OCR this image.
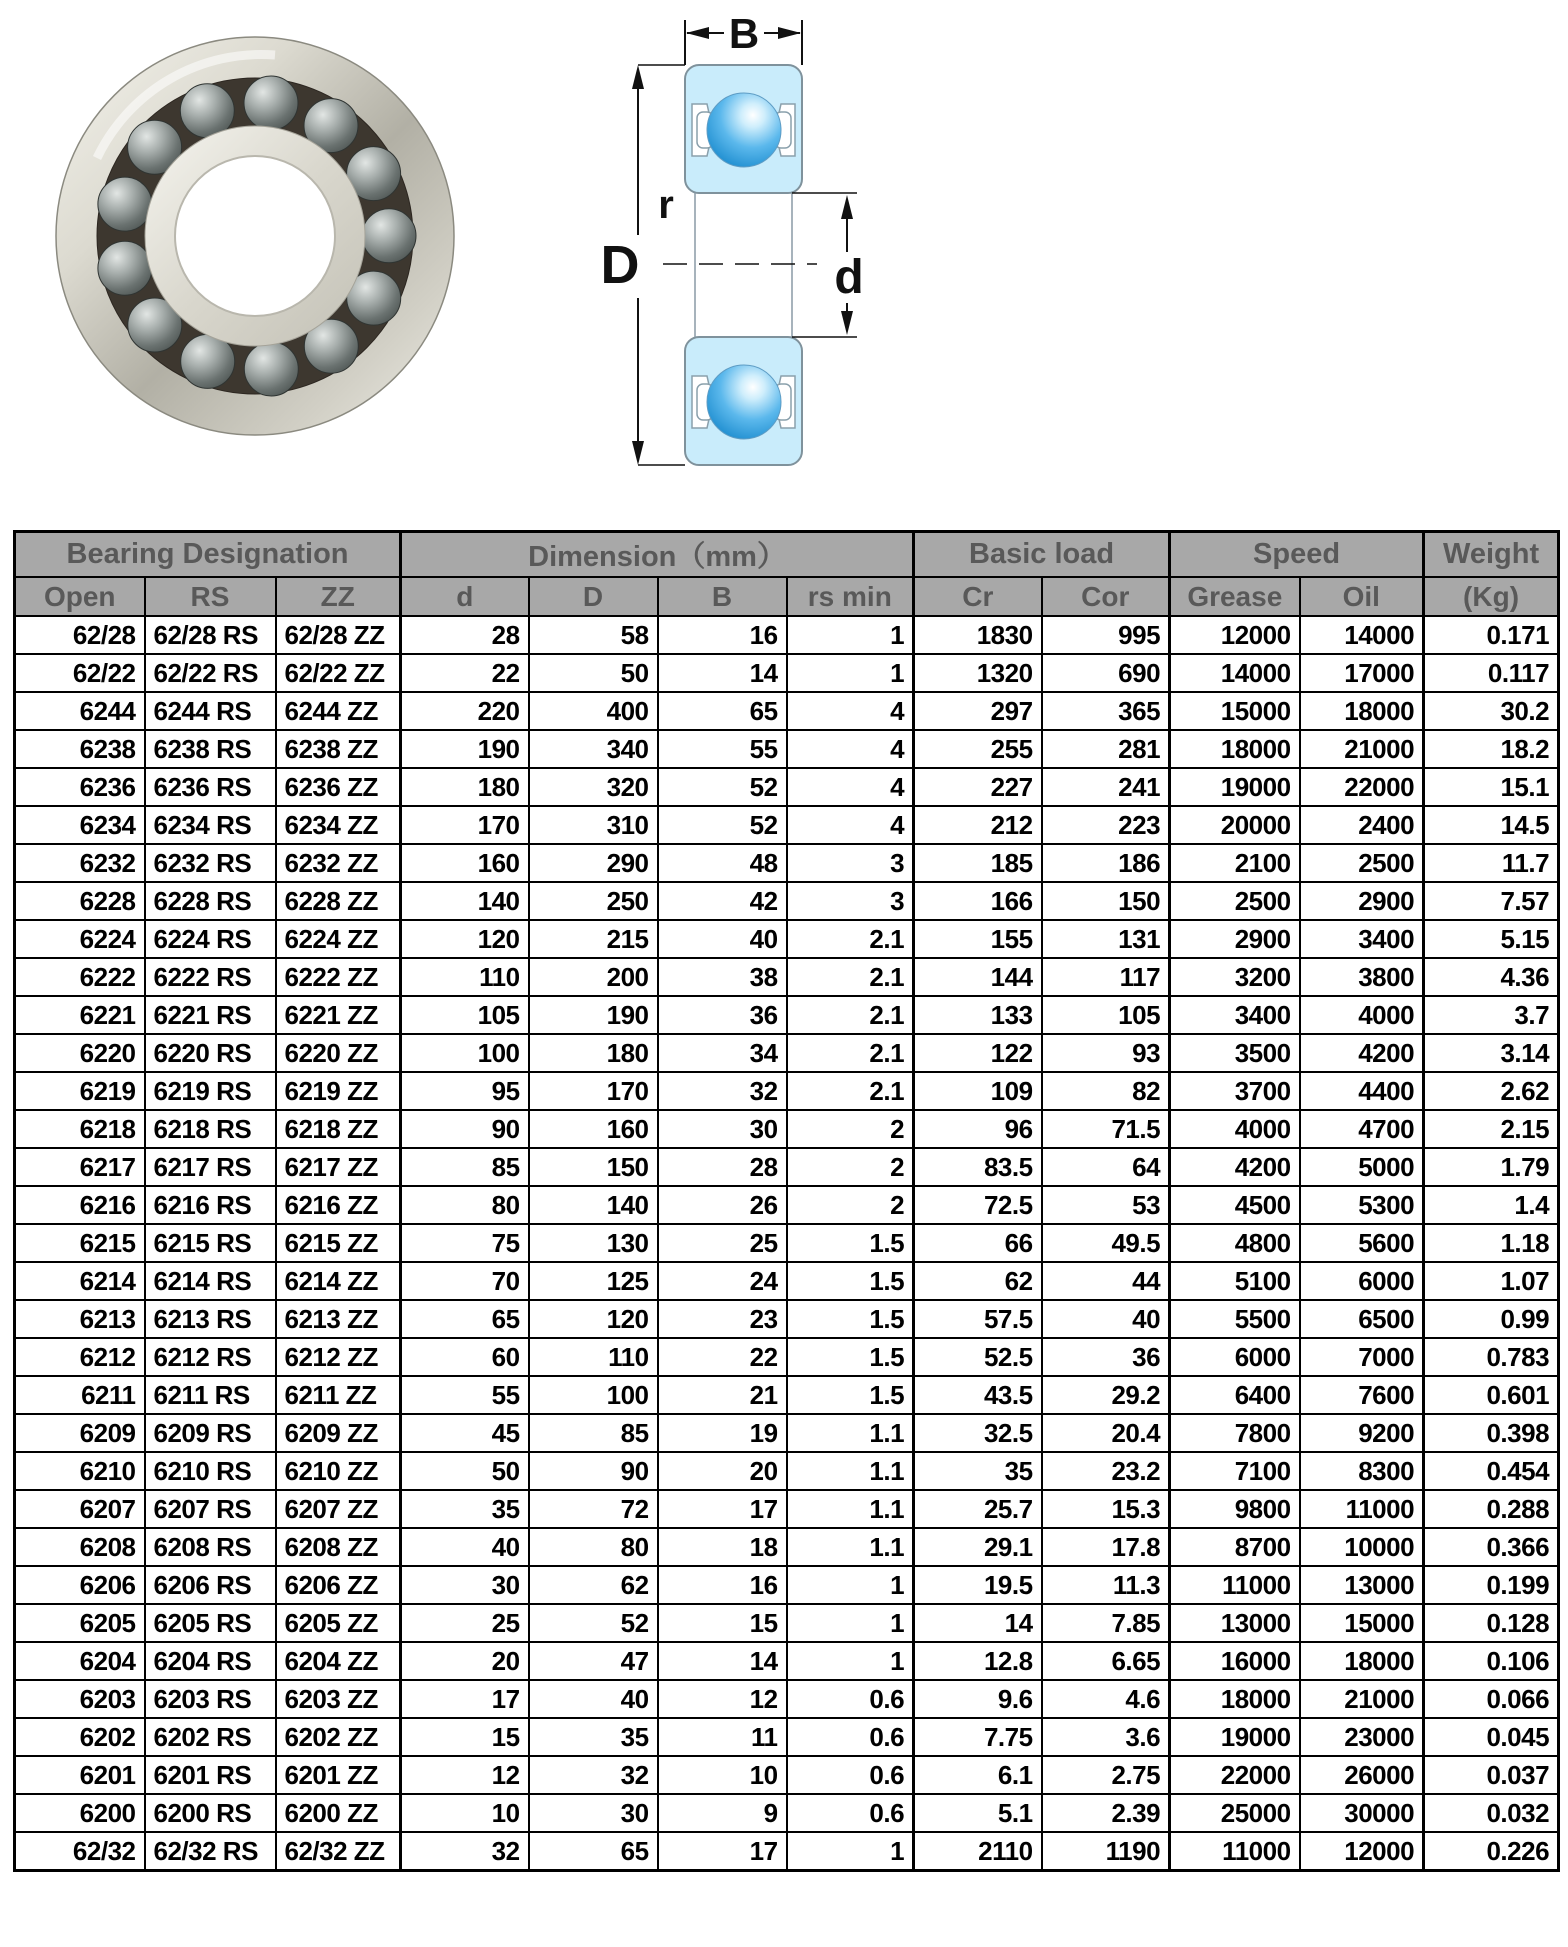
B
D
r
d
Bearing Designation			Dimension（mm）				Basic load		Speed		Weight
Open	RS	ZZ	d	D	B	rs min	Cr	Cor	Grease	Oil	(Kg)
62/28	62/28 RS	62/28 ZZ	28	58	16	1	1830	995	12000	14000	0.171
62/22	62/22 RS	62/22 ZZ	22	50	14	1	1320	690	14000	17000	0.117
6244	6244 RS	6244 ZZ	220	400	65	4	297	365	15000	18000	30.2
6238	6238 RS	6238 ZZ	190	340	55	4	255	281	18000	21000	18.2
6236	6236 RS	6236 ZZ	180	320	52	4	227	241	19000	22000	15.1
6234	6234 RS	6234 ZZ	170	310	52	4	212	223	20000	2400	14.5
6232	6232 RS	6232 ZZ	160	290	48	3	185	186	2100	2500	11.7
6228	6228 RS	6228 ZZ	140	250	42	3	166	150	2500	2900	7.57
6224	6224 RS	6224 ZZ	120	215	40	2.1	155	131	2900	3400	5.15
6222	6222 RS	6222 ZZ	110	200	38	2.1	144	117	3200	3800	4.36
6221	6221 RS	6221 ZZ	105	190	36	2.1	133	105	3400	4000	3.7
6220	6220 RS	6220 ZZ	100	180	34	2.1	122	93	3500	4200	3.14
6219	6219 RS	6219 ZZ	95	170	32	2.1	109	82	3700	4400	2.62
6218	6218 RS	6218 ZZ	90	160	30	2	96	71.5	4000	4700	2.15
6217	6217 RS	6217 ZZ	85	150	28	2	83.5	64	4200	5000	1.79
6216	6216 RS	6216 ZZ	80	140	26	2	72.5	53	4500	5300	1.4
6215	6215 RS	6215 ZZ	75	130	25	1.5	66	49.5	4800	5600	1.18
6214	6214 RS	6214 ZZ	70	125	24	1.5	62	44	5100	6000	1.07
6213	6213 RS	6213 ZZ	65	120	23	1.5	57.5	40	5500	6500	0.99
6212	6212 RS	6212 ZZ	60	110	22	1.5	52.5	36	6000	7000	0.783
6211	6211 RS	6211 ZZ	55	100	21	1.5	43.5	29.2	6400	7600	0.601
6209	6209 RS	6209 ZZ	45	85	19	1.1	32.5	20.4	7800	9200	0.398
6210	6210 RS	6210 ZZ	50	90	20	1.1	35	23.2	7100	8300	0.454
6207	6207 RS	6207 ZZ	35	72	17	1.1	25.7	15.3	9800	11000	0.288
6208	6208 RS	6208 ZZ	40	80	18	1.1	29.1	17.8	8700	10000	0.366
6206	6206 RS	6206 ZZ	30	62	16	1	19.5	11.3	11000	13000	0.199
6205	6205 RS	6205 ZZ	25	52	15	1	14	7.85	13000	15000	0.128
6204	6204 RS	6204 ZZ	20	47	14	1	12.8	6.65	16000	18000	0.106
6203	6203 RS	6203 ZZ	17	40	12	0.6	9.6	4.6	18000	21000	0.066
6202	6202 RS	6202 ZZ	15	35	11	0.6	7.75	3.6	19000	23000	0.045
6201	6201 RS	6201 ZZ	12	32	10	0.6	6.1	2.75	22000	26000	0.037
6200	6200 RS	6200 ZZ	10	30	9	0.6	5.1	2.39	25000	30000	0.032
62/32	62/32 RS	62/32 ZZ	32	65	17	1	2110	1190	11000	12000	0.226
